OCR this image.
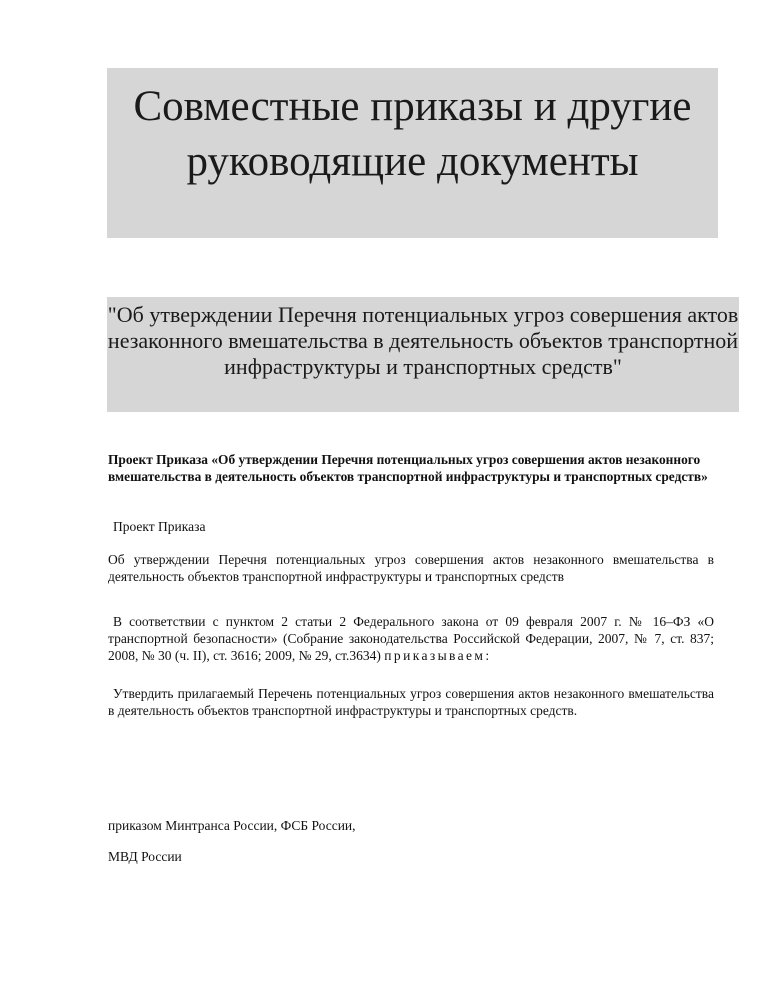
Совместные приказы и другие руководящие документы
"Об утверждении Перечня потенциальных угроз совершения актов незаконного вмешательства в деятельность объектов транспортной инфраструктуры и транспортных средств"

Проект Приказа «Об утверждении Перечня потенциальных угроз совершения актов незаконного вмешательства в деятельность объектов транспортной инфраструктуры и транспортных средств»

Проект Приказа

Об утверждении Перечня потенциальных угроз совершения актов незаконного вмешательства в деятельность объектов транспортной инфраструктуры и транспортных средств

В соответствии с пунктом 2 статьи 2 Федерального закона от 09 февраля 2007 г. № 16–ФЗ «О транспортной безопасности» (Собрание законодательства Российской Федерации, 2007, № 7, ст. 837; 2008, № 30 (ч. II), ст. 3616; 2009, № 29, ст.3634) приказываем:

Утвердить прилагаемый Перечень потенциальных угроз совершения актов незаконного вмешательства в деятельность объектов транспортной инфраструктуры и транспортных средств.

приказом Минтранса России, ФСБ России,

МВД России
